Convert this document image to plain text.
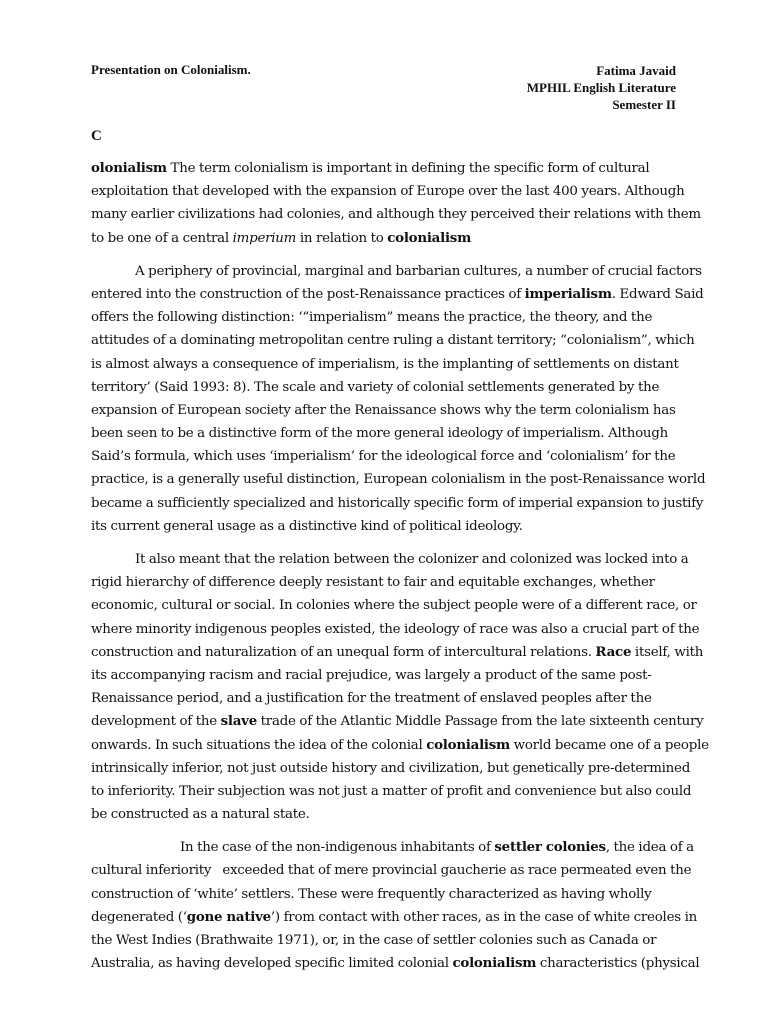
Presentation on Colonialism.	Fatima Javaid
MPHIL English Literature
Semester II
C
olonialism The term colonialism is important in defining the specific form of cultural
exploitation that developed with the expansion of Europe over the last 400 years. Although
many earlier civilizations had colonies, and although they perceived their relations with them
to be one of a central imperium in relation to colonialism
A periphery of provincial, marginal and barbarian cultures, a number of crucial factors
entered into the construction of the post-Renaissance practices of imperialism. Edward Said
offers the following distinction: ‘“imperialism” means the practice, the theory, and the
attitudes of a dominating metropolitan centre ruling a distant territory; “colonialism”, which
is almost always a consequence of imperialism, is the implanting of settlements on distant
territory’ (Said 1993: 8). The scale and variety of colonial settlements generated by the
expansion of European society after the Renaissance shows why the term colonialism has
been seen to be a distinctive form of the more general ideology of imperialism. Although
Said’s formula, which uses ‘imperialism’ for the ideological force and ‘colonialism’ for the
practice, is a generally useful distinction, European colonialism in the post-Renaissance world
became a sufficiently specialized and historically specific form of imperial expansion to justify
its current general usage as a distinctive kind of political ideology.
It also meant that the relation between the colonizer and colonized was locked into a
rigid hierarchy of difference deeply resistant to fair and equitable exchanges, whether
economic, cultural or social. In colonies where the subject people were of a different race, or
where minority indigenous peoples existed, the ideology of race was also a crucial part of the
construction and naturalization of an unequal form of intercultural relations. Race itself, with
its accompanying racism and racial prejudice, was largely a product of the same post-
Renaissance period, and a justification for the treatment of enslaved peoples after the
development of the slave trade of the Atlantic Middle Passage from the late sixteenth century
onwards. In such situations the idea of the colonial colonialism world became one of a people
intrinsically inferior, not just outside history and civilization, but genetically pre-determined
to inferiority. Their subjection was not just a matter of profit and convenience but also could
be constructed as a natural state.
In the case of the non-indigenous inhabitants of settler colonies, the idea of a
cultural inferiority   exceeded that of mere provincial gaucherie as race permeated even the
construction of ‘white’ settlers. These were frequently characterized as having wholly
degenerated (‘gone native’) from contact with other races, as in the case of white creoles in
the West Indies (Brathwaite 1971), or, in the case of settler colonies such as Canada or
Australia, as having developed specific limited colonial colonialism characteristics (physical
